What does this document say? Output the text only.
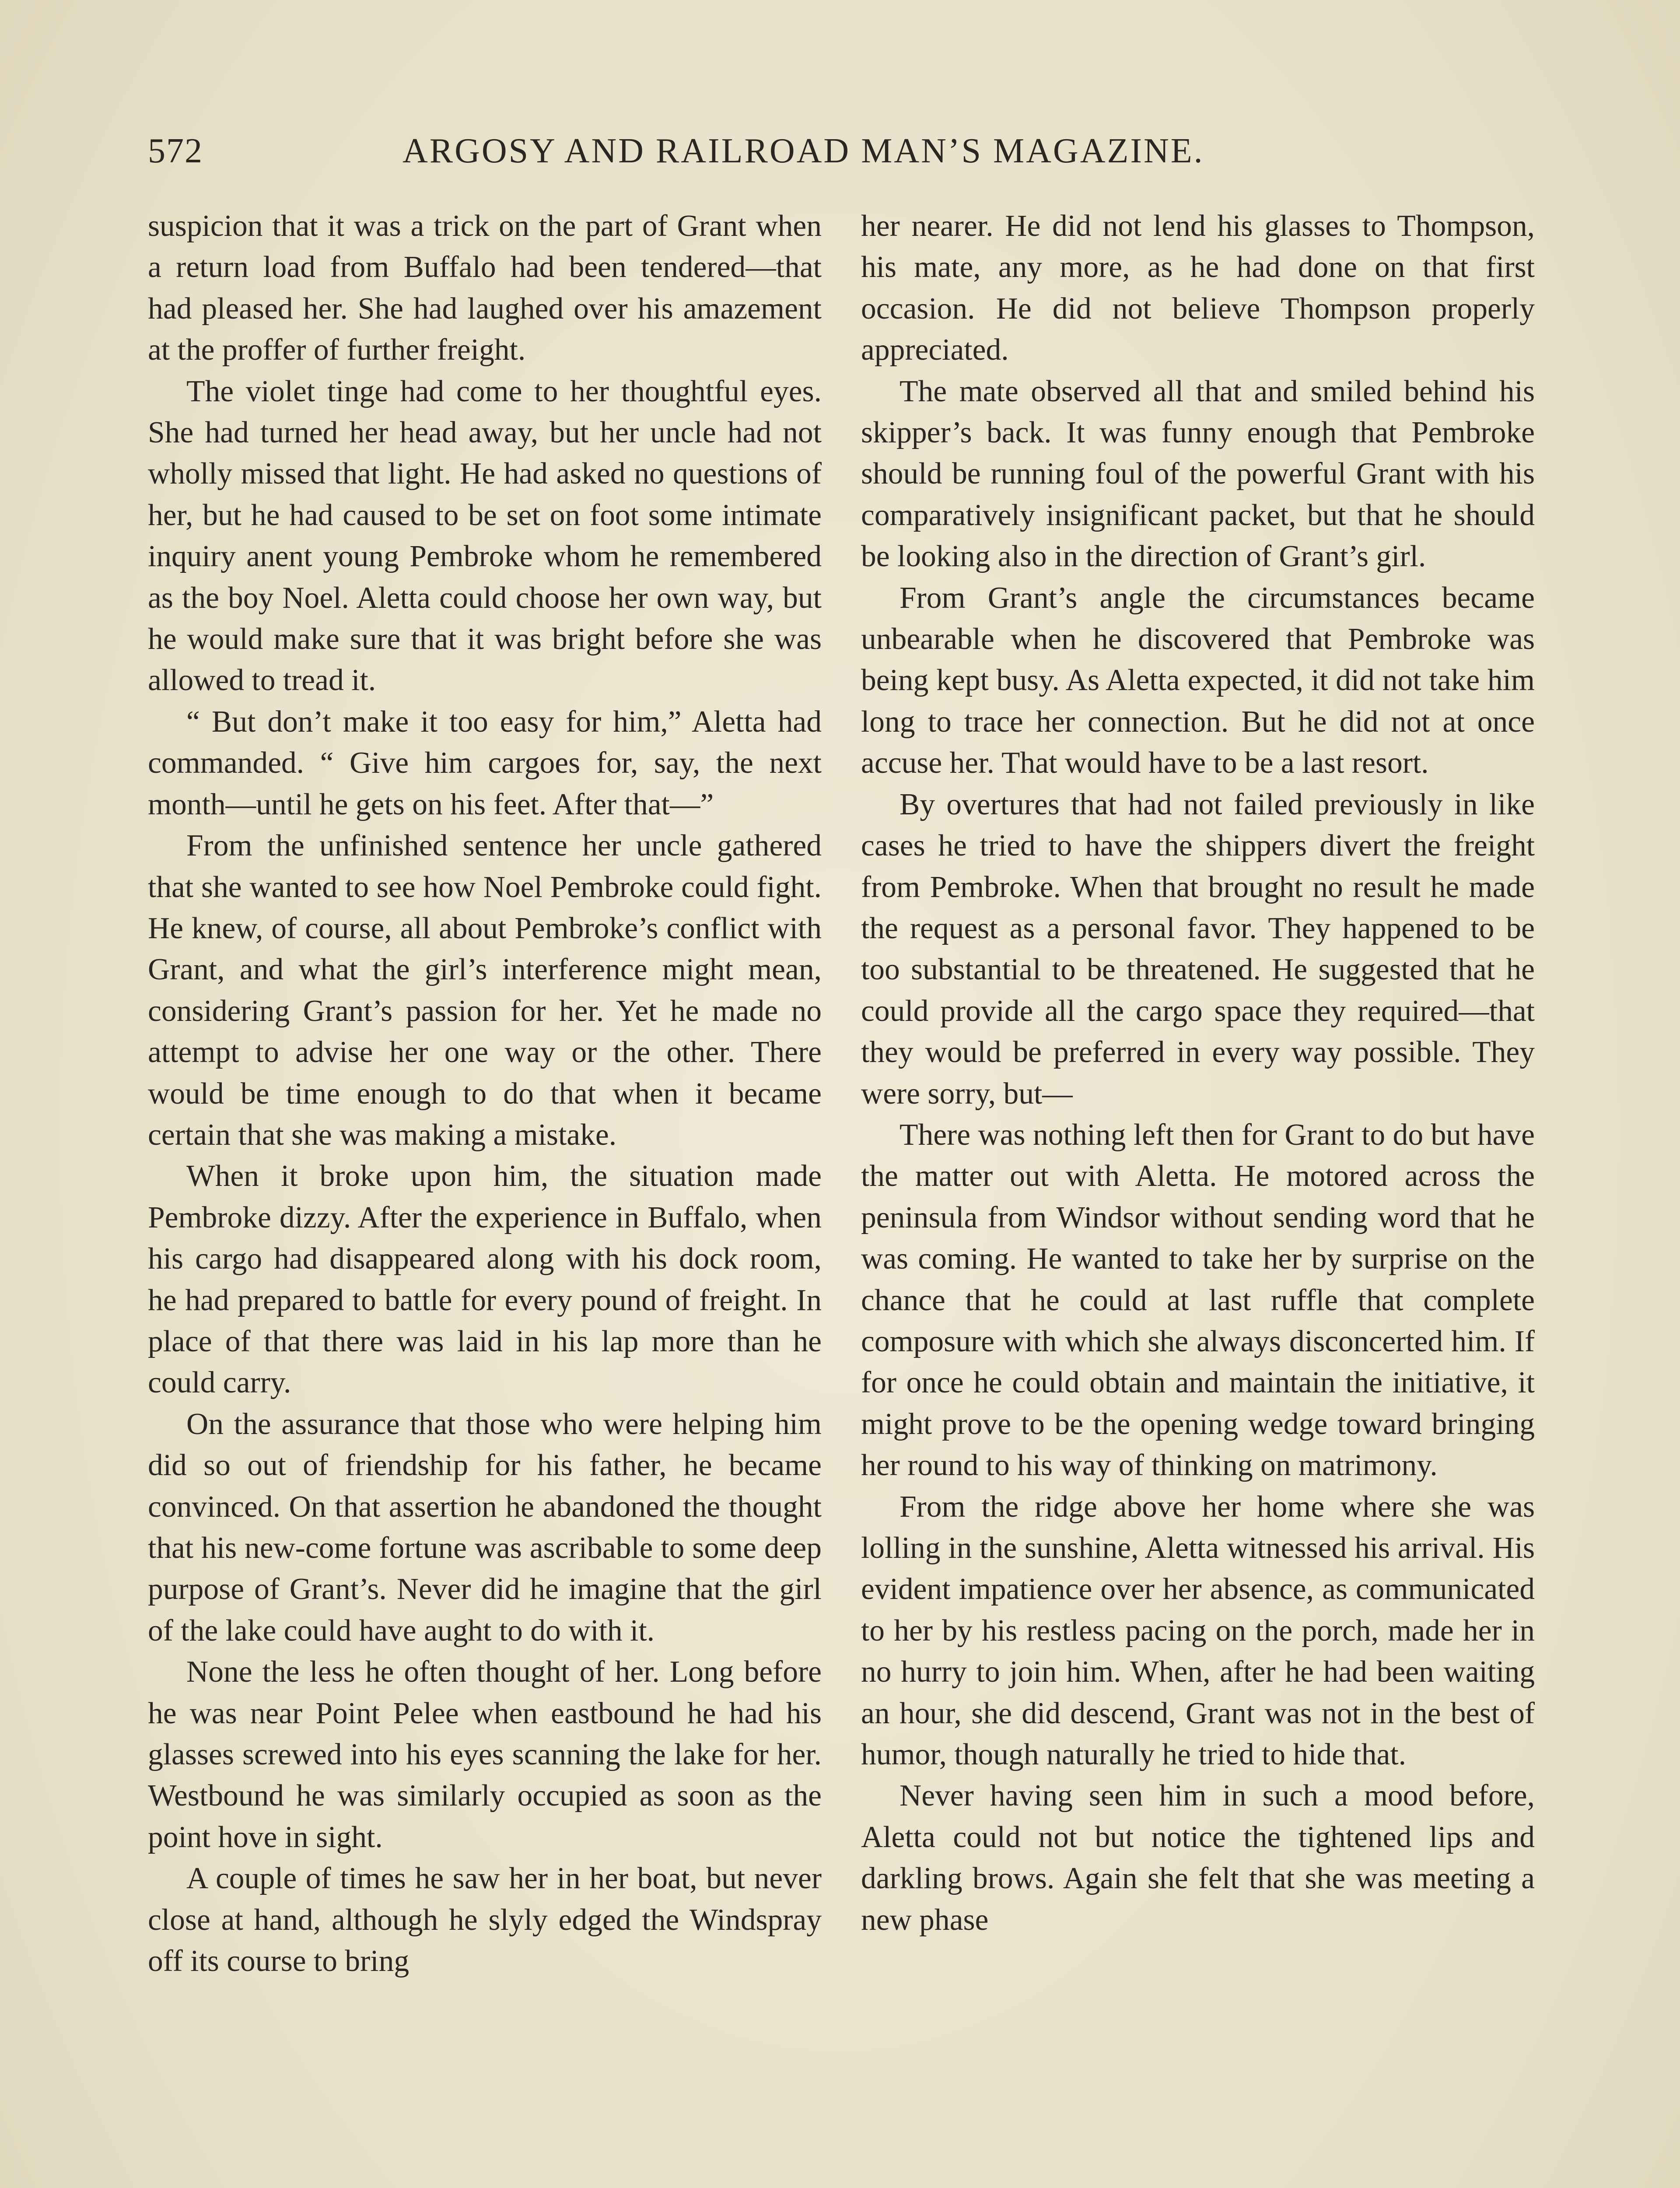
572	ARGOSY AND RAILROAD MAN’S MAGAZINE.

suspicion that it was a trick on the part of Grant when a return load from Buffalo had been tendered—that had pleased her. She had laughed over his amazement at the proffer of further freight.

The violet tinge had come to her thoughtful eyes. She had turned her head away, but her uncle had not wholly missed that light. He had asked no questions of her, but he had caused to be set on foot some intimate inquiry anent young Pembroke whom he remembered as the boy Noel. Aletta could choose her own way, but he would make sure that it was bright before she was allowed to tread it.

“ But don’t make it too easy for him,” Aletta had commanded. “ Give him cargoes for, say, the next month—until he gets on his feet. After that—”

From the unfinished sentence her uncle gathered that she wanted to see how Noel Pembroke could fight. He knew, of course, all about Pembroke’s conflict with Grant, and what the girl’s interference might mean, considering Grant’s passion for her. Yet he made no attempt to advise her one way or the other. There would be time enough to do that when it became certain that she was making a mistake.

When it broke upon him, the situation made Pembroke dizzy. After the experience in Buffalo, when his cargo had disappeared along with his dock room, he had prepared to battle for every pound of freight. In place of that there was laid in his lap more than he could carry.

On the assurance that those who were helping him did so out of friendship for his father, he became convinced. On that assertion he abandoned the thought that his new-come fortune was ascribable to some deep purpose of Grant’s. Never did he imagine that the girl of the lake could have aught to do with it.

None the less he often thought of her. Long before he was near Point Pelee when eastbound he had his glasses screwed into his eyes scanning the lake for her. Westbound he was similarly occupied as soon as the point hove in sight.

A couple of times he saw her in her boat, but never close at hand, although he slyly edged the Windspray off its course to bring

her nearer. He did not lend his glasses to Thompson, his mate, any more, as he had done on that first occasion. He did not believe Thompson properly appreciated.

The mate observed all that and smiled behind his skipper’s back. It was funny enough that Pembroke should be running foul of the powerful Grant with his comparatively insignificant packet, but that he should be looking also in the direction of Grant’s girl.

From Grant’s angle the circumstances became unbearable when he discovered that Pembroke was being kept busy. As Aletta expected, it did not take him long to trace her connection. But he did not at once accuse her. That would have to be a last resort.

By overtures that had not failed previously in like cases he tried to have the shippers divert the freight from Pembroke. When that brought no result he made the request as a personal favor. They happened to be too substantial to be threatened. He suggested that he could provide all the cargo space they required—that they would be preferred in every way possible. They were sorry, but—

There was nothing left then for Grant to do but have the matter out with Aletta. He motored across the peninsula from Windsor without sending word that he was coming. He wanted to take her by surprise on the chance that he could at last ruffle that complete composure with which she always disconcerted him. If for once he could obtain and maintain the initiative, it might prove to be the opening wedge toward bringing her round to his way of thinking on matrimony.

From the ridge above her home where she was lolling in the sunshine, Aletta witnessed his arrival. His evident impatience over her absence, as communicated to her by his restless pacing on the porch, made her in no hurry to join him. When, after he had been waiting an hour, she did descend, Grant was not in the best of humor, though naturally he tried to hide that.

Never having seen him in such a mood before, Aletta could not but notice the tightened lips and darkling brows. Again she felt that she was meeting a new phase
